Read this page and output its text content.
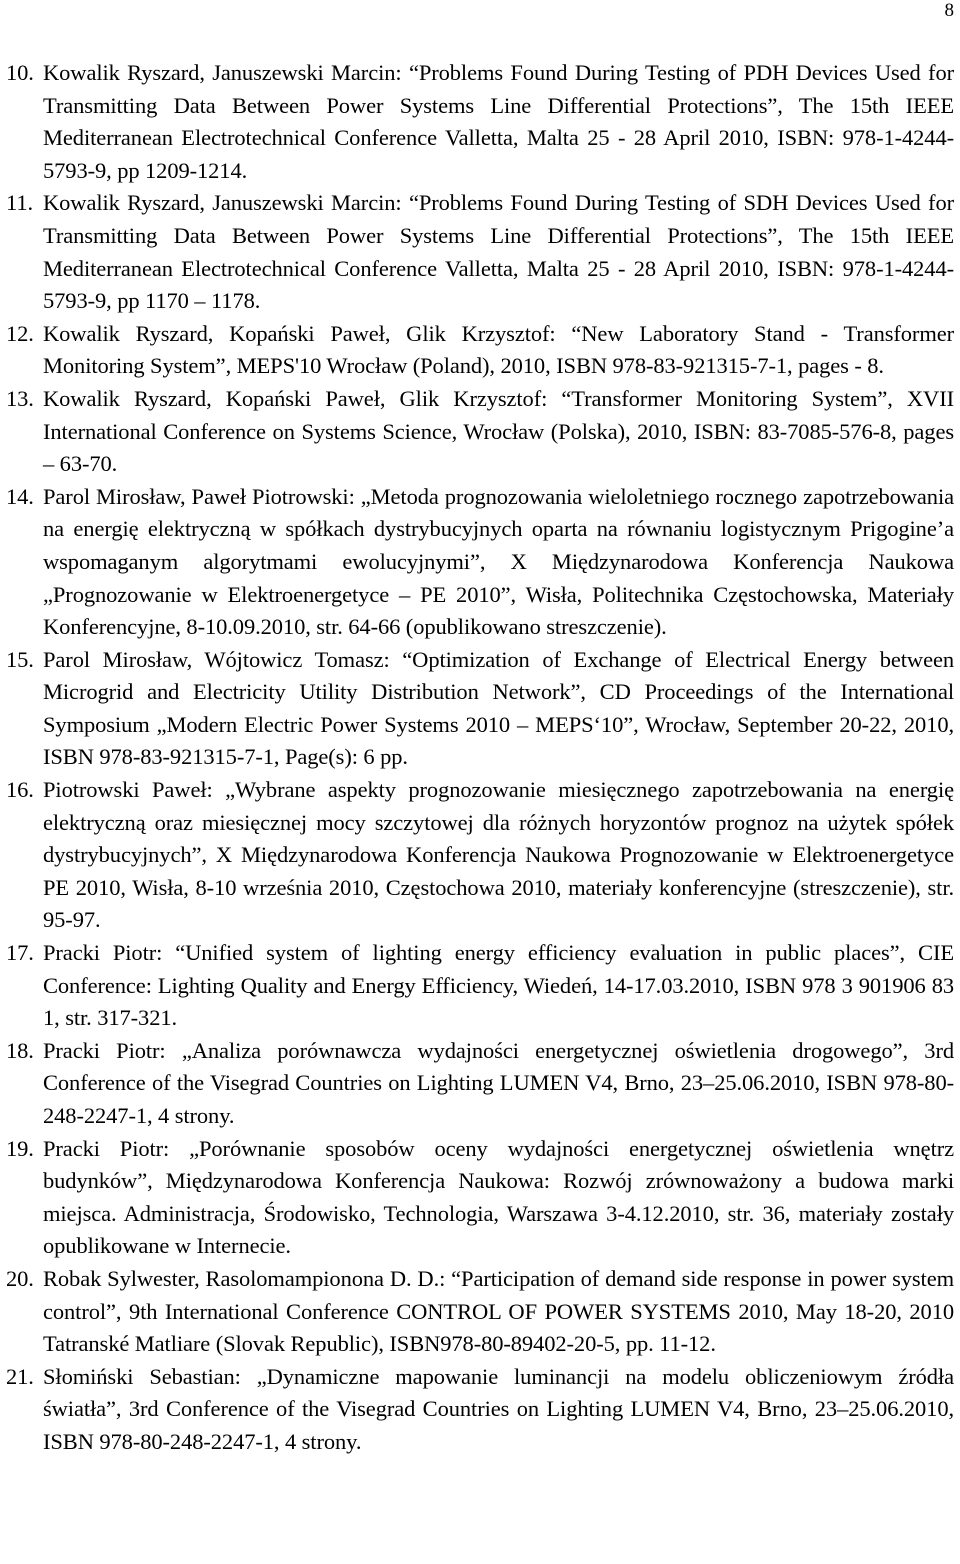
8
10. Kowalik Ryszard, Januszewski Marcin: “Problems Found During Testing of PDH Devices Used for Transmitting Data Between Power Systems Line Differential Protections”, The 15th IEEE Mediterranean Electrotechnical Conference Valletta, Malta 25 - 28 April 2010, ISBN: 978-1-4244-5793-9, pp 1209-1214.
11. Kowalik Ryszard, Januszewski Marcin: “Problems Found During Testing of SDH Devices Used for Transmitting Data Between Power Systems Line Differential Protections”, The 15th IEEE Mediterranean Electrotechnical Conference Valletta, Malta 25 - 28 April 2010, ISBN: 978-1-4244-5793-9, pp 1170 – 1178.
12. Kowalik Ryszard, Kopański Paweł, Glik Krzysztof: “New Laboratory Stand - Transformer Monitoring System”, MEPS'10 Wrocław (Poland), 2010, ISBN 978-83-921315-7-1, pages - 8.
13. Kowalik Ryszard, Kopański Paweł, Glik Krzysztof: “Transformer Monitoring System”, XVII International Conference on Systems Science, Wrocław (Polska), 2010, ISBN: 83-7085-576-8, pages – 63-70.
14. Parol Mirosław, Paweł Piotrowski: „Metoda prognozowania wieloletniego rocznego zapotrzebowania na energię elektryczną w spółkach dystrybucyjnych oparta na równaniu logistycznym Prigogine’a wspomaganym algorytmami ewolucyjnymi”, X Międzynarodowa Konferencja Naukowa „Prognozowanie w Elektroenergetyce – PE 2010”, Wisła, Politechnika Częstochowska, Materiały Konferencyjne, 8-10.09.2010, str. 64-66 (opublikowano streszczenie).
15. Parol Mirosław, Wójtowicz Tomasz: “Optimization of Exchange of Electrical Energy between Microgrid and Electricity Utility Distribution Network”, CD Proceedings of the International Symposium „Modern Electric Power Systems 2010 – MEPS‘10”, Wrocław, September 20-22, 2010, ISBN 978-83-921315-7-1, Page(s): 6 pp.
16. Piotrowski Paweł: „Wybrane aspekty prognozowanie miesięcznego zapotrzebowania na energię elektryczną oraz miesięcznej mocy szczytowej dla różnych horyzontów prognoz na użytek spółek dystrybucyjnych”, X Międzynarodowa Konferencja Naukowa Prognozowanie w Elektroenergetyce PE 2010, Wisła, 8-10 września 2010, Częstochowa 2010, materiały konferencyjne (streszczenie), str. 95-97.
17. Pracki Piotr: “Unified system of lighting energy efficiency evaluation in public places”, CIE Conference: Lighting Quality and Energy Efficiency, Wiedeń, 14-17.03.2010, ISBN 978 3 901906 83 1, str. 317-321.
18. Pracki Piotr: „Analiza porównawcza wydajności energetycznej oświetlenia drogowego”, 3rd Conference of the Visegrad Countries on Lighting LUMEN V4, Brno, 23–25.06.2010, ISBN 978-80-248-2247-1, 4 strony.
19. Pracki Piotr: „Porównanie sposobów oceny wydajności energetycznej oświetlenia wnętrz budynków”, Międzynarodowa Konferencja Naukowa: Rozwój zrównoważony a budowa marki miejsca. Administracja, Środowisko, Technologia, Warszawa 3-4.12.2010, str. 36, materiały zostały opublikowane w Internecie.
20. Robak Sylwester, Rasolomampionona D. D.: “Participation of demand side response in power system control”, 9th International Conference CONTROL OF POWER SYSTEMS 2010, May 18-20, 2010 Tatranské Matliare (Slovak Republic), ISBN978-80-89402-20-5, pp. 11-12.
21. Słomiński Sebastian: „Dynamiczne mapowanie luminancji na modelu obliczeniowym źródła światła”, 3rd Conference of the Visegrad Countries on Lighting LUMEN V4, Brno, 23–25.06.2010, ISBN 978-80-248-2247-1, 4 strony.
